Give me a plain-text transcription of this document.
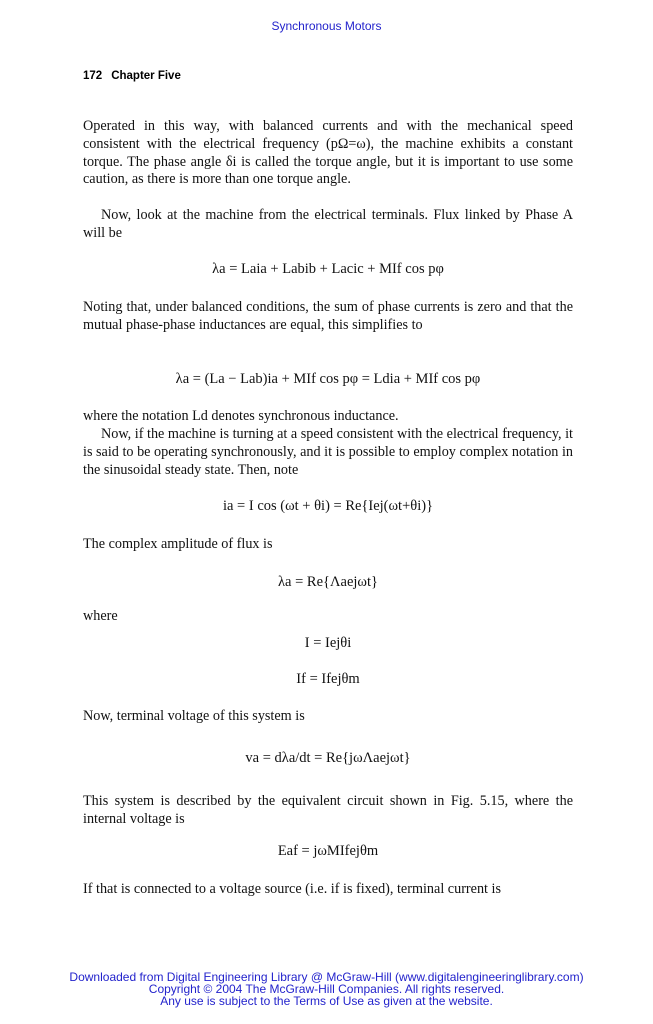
Synchronous Motors
172 Chapter Five
Operated in this way, with balanced currents and with the mechanical speed consistent with the electrical frequency (pΩ=ω), the machine exhibits a constant torque. The phase angle δi is called the torque angle, but it is important to use some caution, as there is more than one torque angle.
Now, look at the machine from the electrical terminals. Flux linked by Phase A will be
λa = Laia + Labib + Lacic + MIf cos pφ
Noting that, under balanced conditions, the sum of phase currents is zero and that the mutual phase-phase inductances are equal, this simplifies to
λa = (La − Lab)ia + MIf cos pφ = Ldia + MIf cos pφ
where the notation Ld denotes synchronous inductance.
Now, if the machine is turning at a speed consistent with the electrical frequency, it is said to be operating synchronously, and it is possible to employ complex notation in the sinusoidal steady state. Then, note
ia = I cos (ωt + θi) = Re{Iej(ωt+θi)}
The complex amplitude of flux is
λa = Re{Λaejωt}
where
I = Iejθi
If = Ifejθm
Now, terminal voltage of this system is
va = dλa/dt = Re{jωΛaejωt}
This system is described by the equivalent circuit shown in Fig. 5.15, where the internal voltage is
Eaf = jωMIfejθm
If that is connected to a voltage source (i.e. if is fixed), terminal current is
Downloaded from Digital Engineering Library @ McGraw-Hill (www.digitalengineeringlibrary.com)
Copyright © 2004 The McGraw-Hill Companies. All rights reserved.
Any use is subject to the Terms of Use as given at the website.
